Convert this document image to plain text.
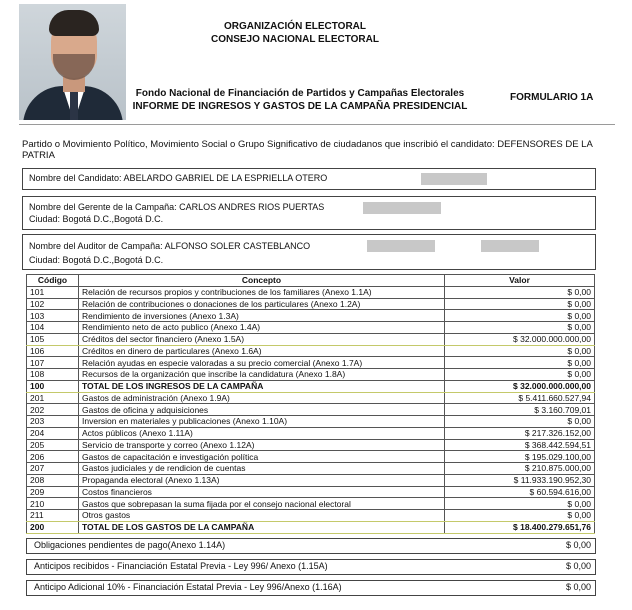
ORGANIZACIÓN ELECTORAL
CONSEJO NACIONAL ELECTORAL
Fondo Nacional de Financiación de Partidos y Campañas Electorales
INFORME DE INGRESOS Y GASTOS DE LA CAMPAÑA PRESIDENCIAL
FORMULARIO 1A
Partido o Movimiento Político, Movimiento Social o Grupo Significativo de ciudadanos que inscribió el candidato: DEFENSORES DE LA PATRIA
Nombre del Candidato: ABELARDO GABRIEL DE LA ESPRIELLA OTERO
Nombre del Gerente de la Campaña: CARLOS ANDRES RIOS PUERTAS
Ciudad: Bogotá D.C.,Bogotá D.C.
Nombre del Auditor de Campaña: ALFONSO SOLER CASTEBLANCO
Ciudad: Bogotá D.C.,Bogotá D.C.
Código	Concepto	Valor
101	Relación de recursos propios y contribuciones de los familiares (Anexo 1.1A)	$ 0,00
102	Relación de contribuciones o donaciones de los particulares (Anexo 1.2A)	$ 0,00
103	Rendimiento de inversiones (Anexo 1.3A)	$ 0,00
104	Rendimiento neto de acto publico (Anexo 1.4A)	$ 0,00
105	Créditos del sector financiero (Anexo 1.5A)	$ 32.000.000.000,00
106	Créditos en dinero de particulares (Anexo 1.6A)	$ 0,00
107	Relación ayudas en especie valoradas a su precio comercial (Anexo 1.7A)	$ 0,00
108	Recursos de la organización que inscribe la candidatura (Anexo 1.8A)	$ 0,00
100	TOTAL DE LOS INGRESOS DE LA CAMPAÑA	$ 32.000.000.000,00
201	Gastos de administración (Anexo 1.9A)	$ 5.411.660.527,94
202	Gastos de oficina y adquisiciones	$ 3.160.709,01
203	Inversion en materiales y publicaciones (Anexo 1.10A)	$ 0,00
204	Actos públicos (Anexo 1.11A)	$ 217.326.152,00
205	Servicio de transporte y correo (Anexo 1.12A)	$ 368.442.594,51
206	Gastos de capacitación e investigación política	$ 195.029.100,00
207	Gastos judiciales y de rendicion de cuentas	$ 210.875.000,00
208	Propaganda electoral (Anexo 1.13A)	$ 11.933.190.952,30
209	Costos financieros	$ 60.594.616,00
210	Gastos que sobrepasan la suma fijada por el consejo nacional electoral	$ 0,00
211	Otros gastos	$ 0,00
200	TOTAL DE LOS GASTOS DE LA CAMPAÑA	$ 18.400.279.651,76
Obligaciones pendientes de pago(Anexo 1.14A)	$ 0,00
Anticipos recibidos - Financiación Estatal Previa - Ley 996/ Anexo (1.15A)	$ 0,00
Anticipo Adicional 10% - Financiación Estatal Previa - Ley 996/Anexo (1.16A)	$ 0,00
